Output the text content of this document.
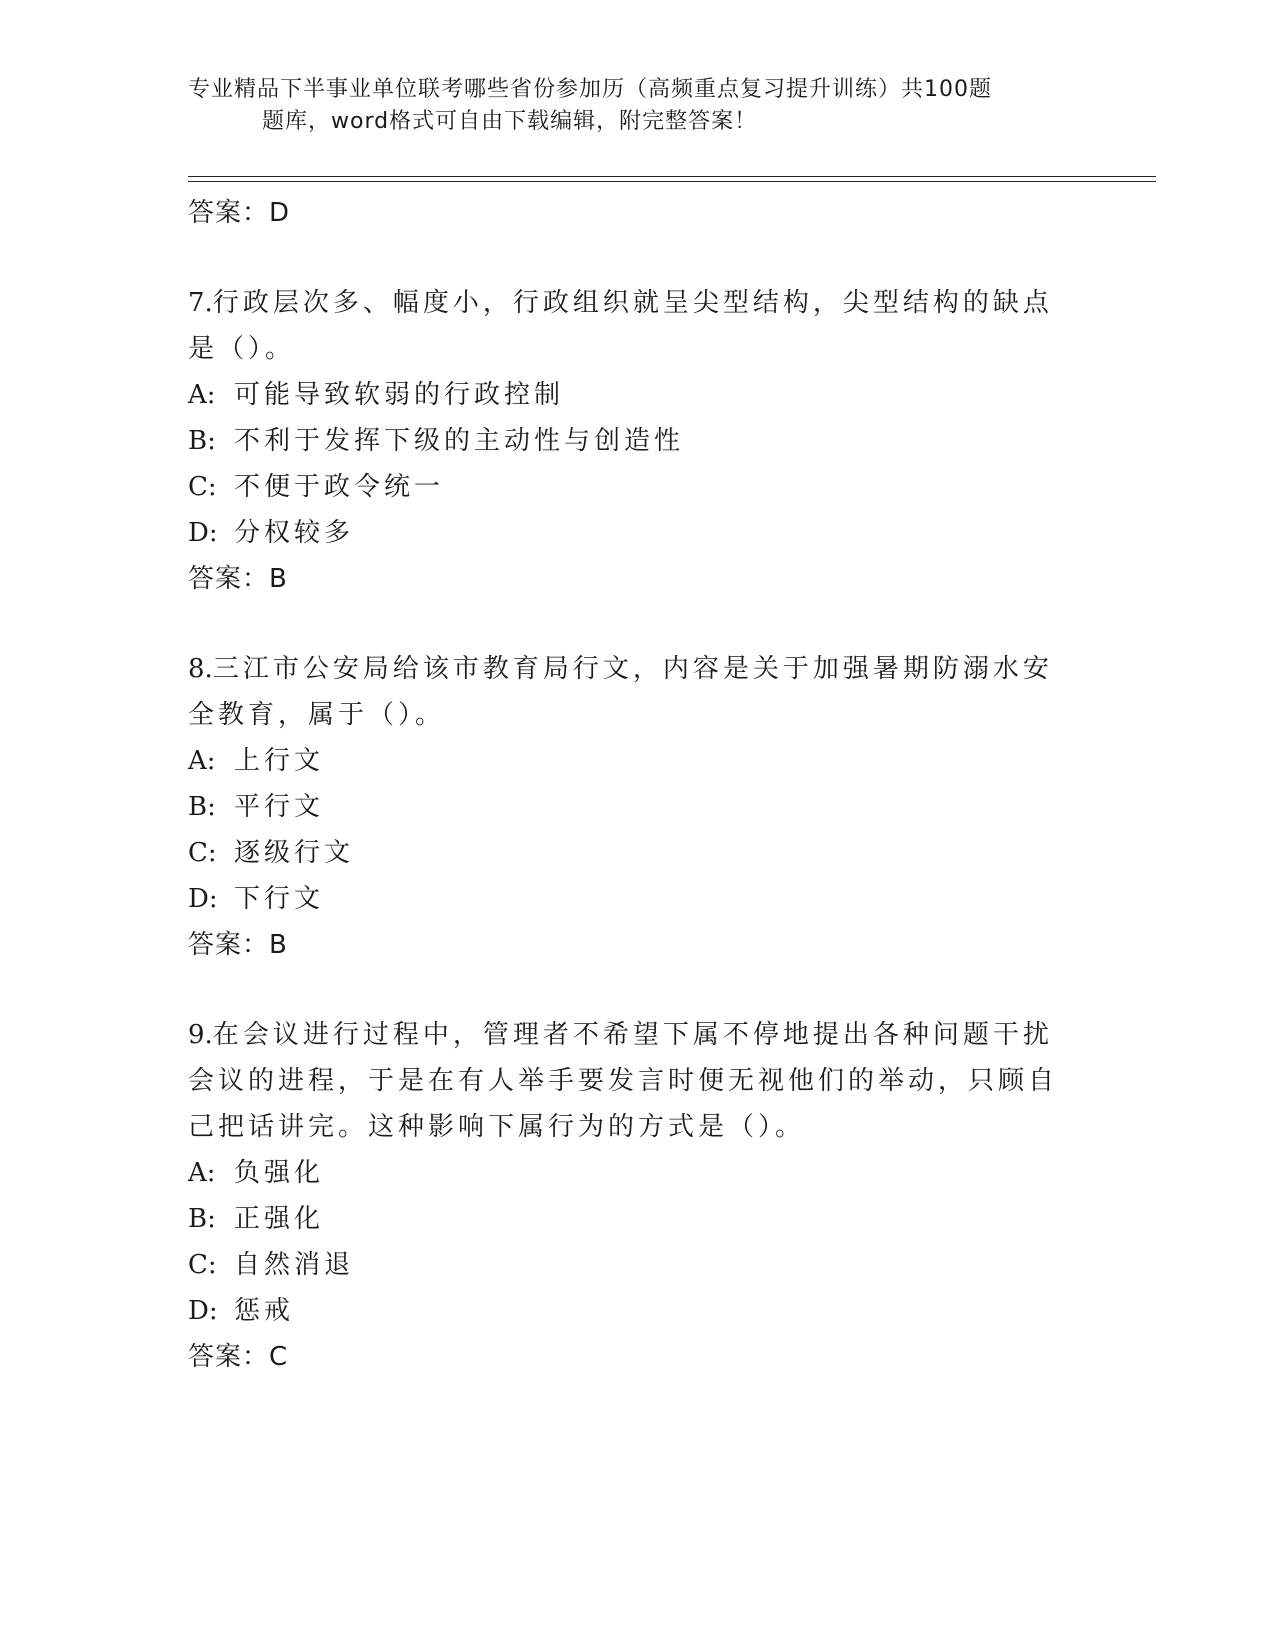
专业精品下半事业单位联考哪些省份参加历（高频重点复习提升训练）共100题
题库，word格式可自由下载编辑，附完整答案！
答案：D
7.行政层次多、幅度小，行政组织就呈尖型结构，尖型结构的缺点是（）。
A: 可能导致软弱的行政控制
B: 不利于发挥下级的主动性与创造性
C: 不便于政令统一
D: 分权较多
答案：B
8.三江市公安局给该市教育局行文，内容是关于加强暑期防溺水安全教育，属于（）。
A: 上行文
B: 平行文
C: 逐级行文
D: 下行文
答案：B
9.在会议进行过程中，管理者不希望下属不停地提出各种问题干扰会议的进程，于是在有人举手要发言时便无视他们的举动，只顾自己把话讲完。这种影响下属行为的方式是（）。
A: 负强化
B: 正强化
C: 自然消退
D: 惩戒
答案：C
